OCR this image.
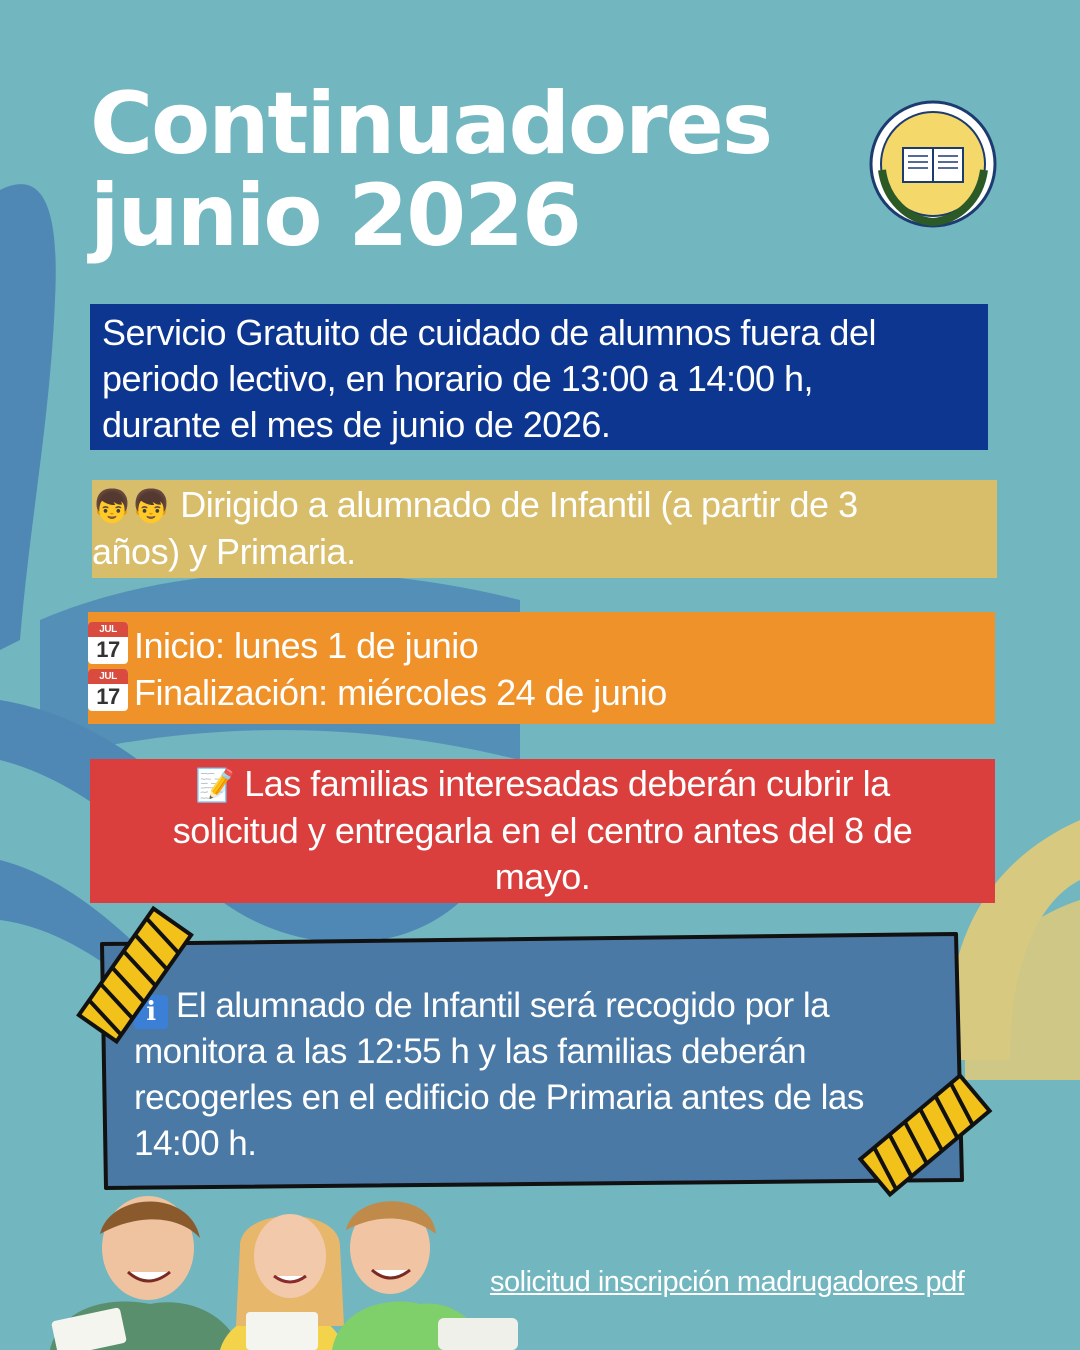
Continuadores
junio 2026
Servicio Gratuito de cuidado de alumnos fuera del
periodo lectivo, en horario de 13:00 a 14:00 h,
durante el mes de junio de 2026.
👦👦 Dirigido a alumnado de Infantil (a partir de 3
años) y Primaria.
JUL
17 Inicio: lunes 1 de junio
JUL
17 Finalización: miércoles 24 de junio
📝 Las familias interesadas deberán cubrir la
solicitud y entregarla en el centro antes del 8 de
mayo.
i El alumnado de Infantil será recogido por la
monitora a las 12:55 h y las familias deberán
recogerles en el edificio de Primaria antes de las
14:00 h.
solicitud inscripción madrugadores pdf
